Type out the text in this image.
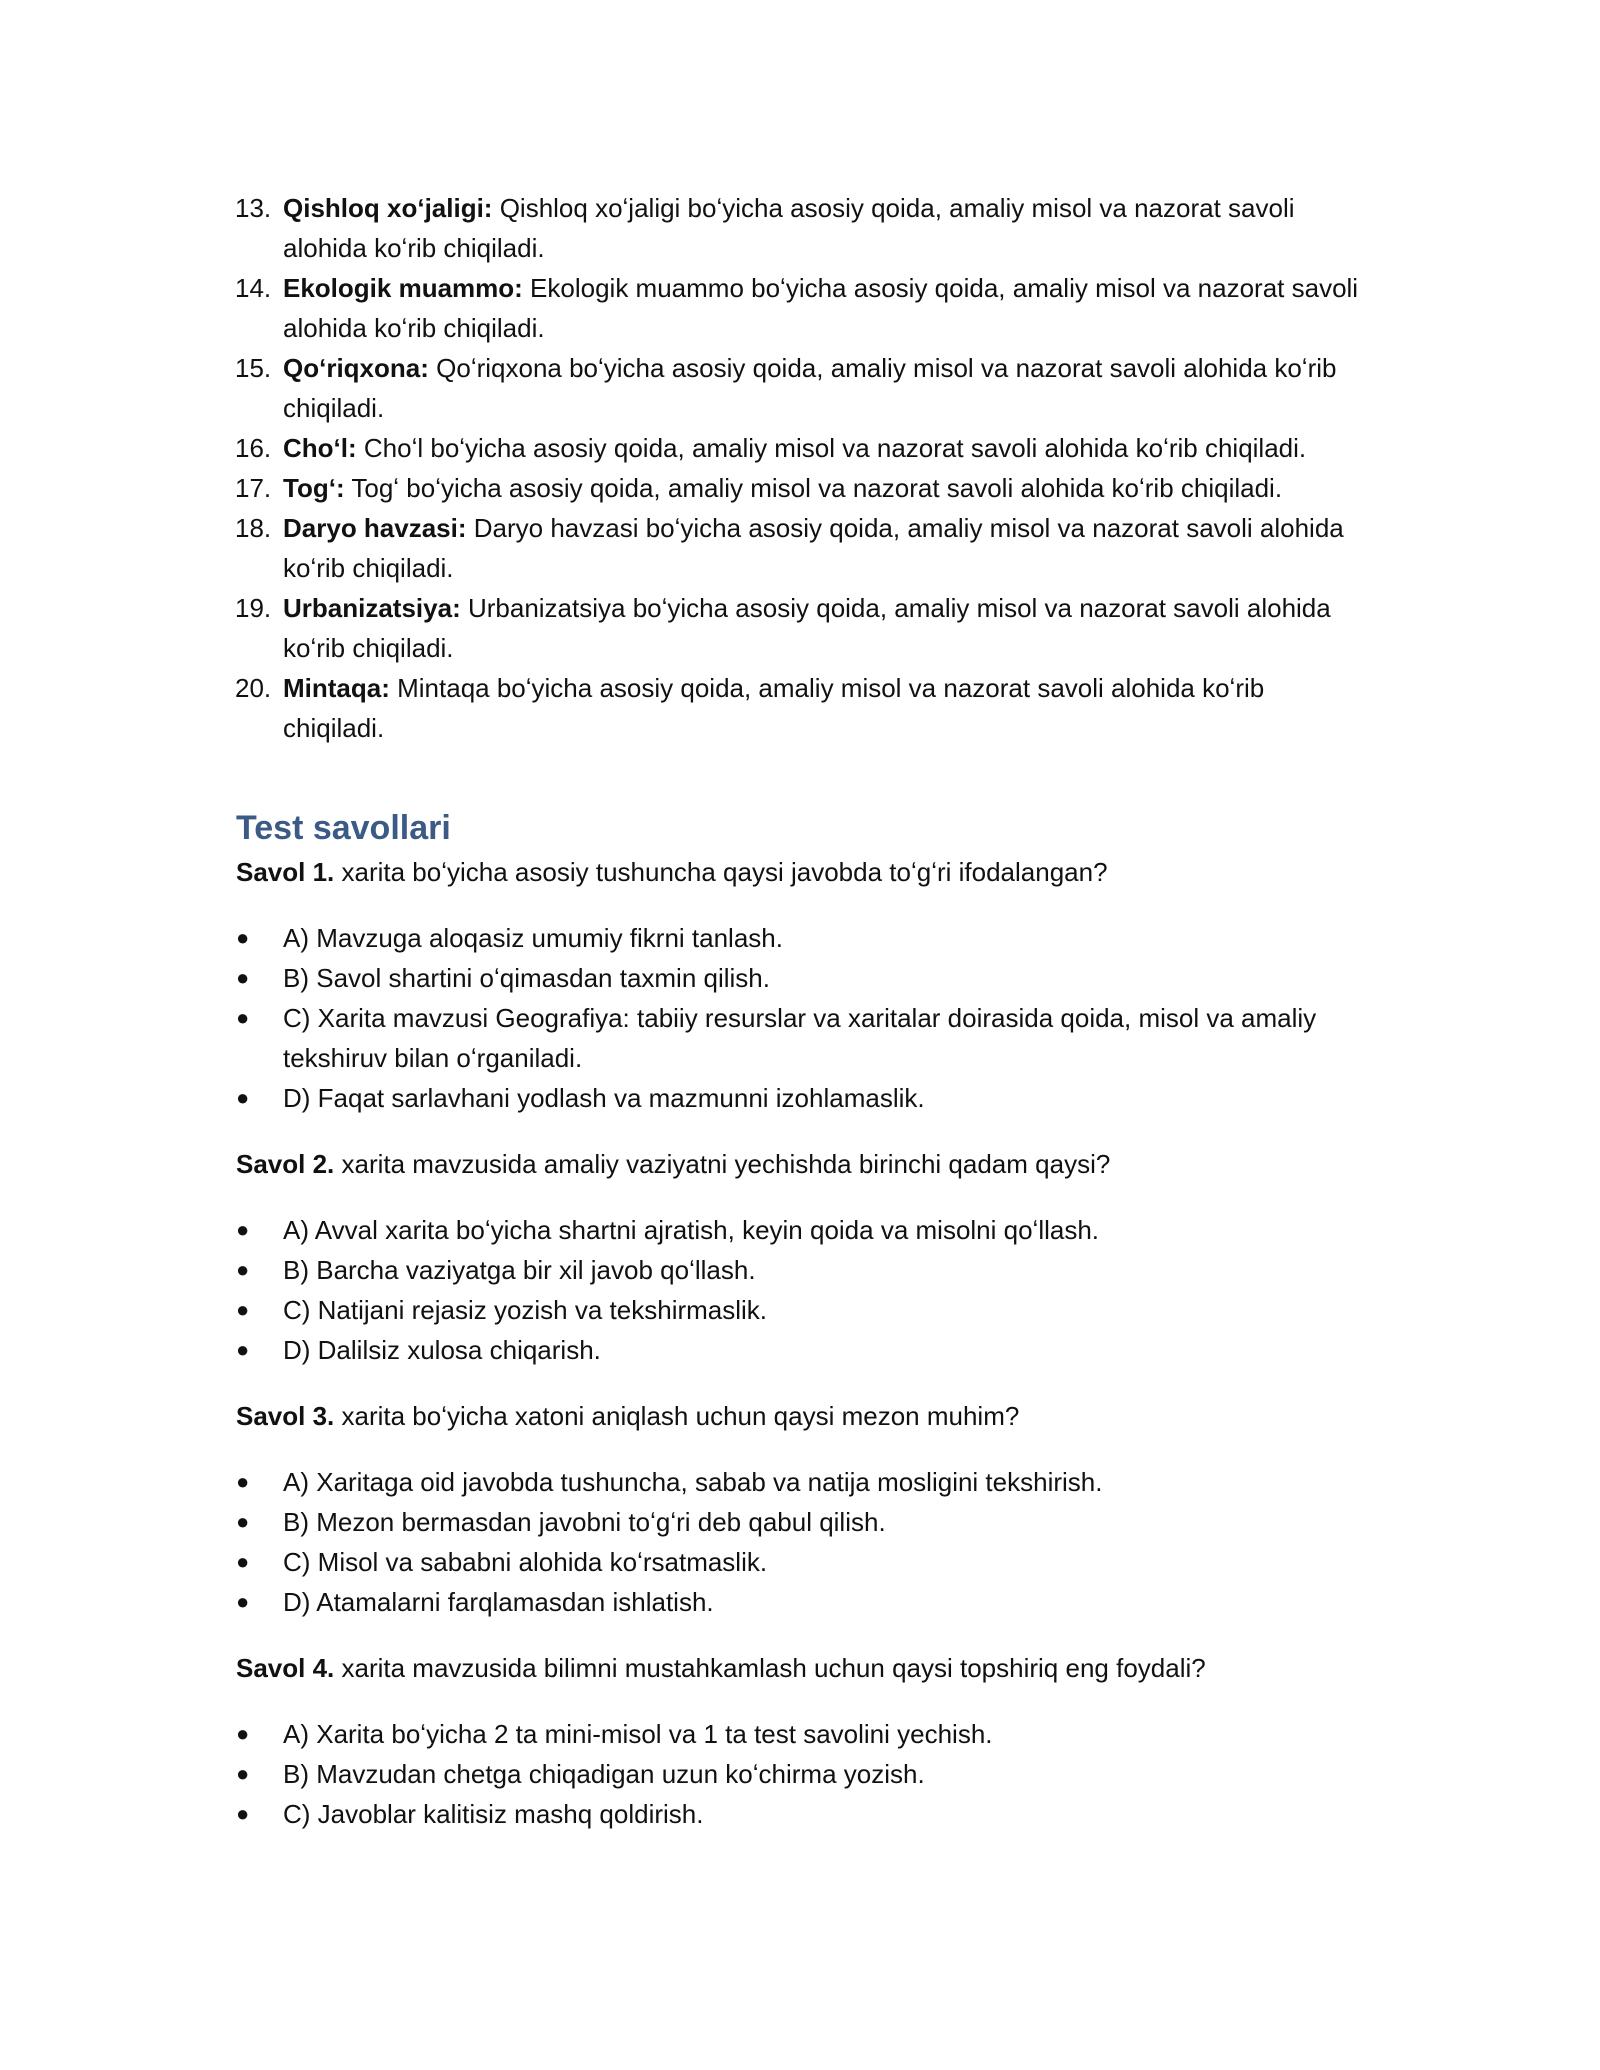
13. Qishloq xoʻjaligi: Qishloq xoʻjaligi boʻyicha asosiy qoida, amaliy misol va nazorat savoli alohida koʻrib chiqiladi.
14. Ekologik muammo: Ekologik muammo boʻyicha asosiy qoida, amaliy misol va nazorat savoli alohida koʻrib chiqiladi.
15. Qoʻriqxona: Qoʻriqxona boʻyicha asosiy qoida, amaliy misol va nazorat savoli alohida koʻrib chiqiladi.
16. Choʻl: Choʻl boʻyicha asosiy qoida, amaliy misol va nazorat savoli alohida koʻrib chiqiladi.
17. Togʻ: Togʻ boʻyicha asosiy qoida, amaliy misol va nazorat savoli alohida koʻrib chiqiladi.
18. Daryo havzasi: Daryo havzasi boʻyicha asosiy qoida, amaliy misol va nazorat savoli alohida koʻrib chiqiladi.
19. Urbanizatsiya: Urbanizatsiya boʻyicha asosiy qoida, amaliy misol va nazorat savoli alohida koʻrib chiqiladi.
20. Mintaqa: Mintaqa boʻyicha asosiy qoida, amaliy misol va nazorat savoli alohida koʻrib chiqiladi.
Test savollari

Savol 1. xarita boʻyicha asosiy tushuncha qaysi javobda toʻgʻri ifodalangan?

● A) Mavzuga aloqasiz umumiy fikrni tanlash.
● B) Savol shartini oʻqimasdan taxmin qilish.
● C) Xarita mavzusi Geografiya: tabiiy resurslar va xaritalar doirasida qoida, misol va amaliy tekshiruv bilan oʻrganiladi.
● D) Faqat sarlavhani yodlash va mazmunni izohlamaslik.

Savol 2. xarita mavzusida amaliy vaziyatni yechishda birinchi qadam qaysi?

● A) Avval xarita boʻyicha shartni ajratish, keyin qoida va misolni qoʻllash.
● B) Barcha vaziyatga bir xil javob qoʻllash.
● C) Natijani rejasiz yozish va tekshirmaslik.
● D) Dalilsiz xulosa chiqarish.

Savol 3. xarita boʻyicha xatoni aniqlash uchun qaysi mezon muhim?

● A) Xaritaga oid javobda tushuncha, sabab va natija mosligini tekshirish.
● B) Mezon bermasdan javobni toʻgʻri deb qabul qilish.
● C) Misol va sababni alohida koʻrsatmaslik.
● D) Atamalarni farqlamasdan ishlatish.

Savol 4. xarita mavzusida bilimni mustahkamlash uchun qaysi topshiriq eng foydali?

● A) Xarita boʻyicha 2 ta mini-misol va 1 ta test savolini yechish.
● B) Mavzudan chetga chiqadigan uzun koʻchirma yozish.
● C) Javoblar kalitisiz mashq qoldirish.
